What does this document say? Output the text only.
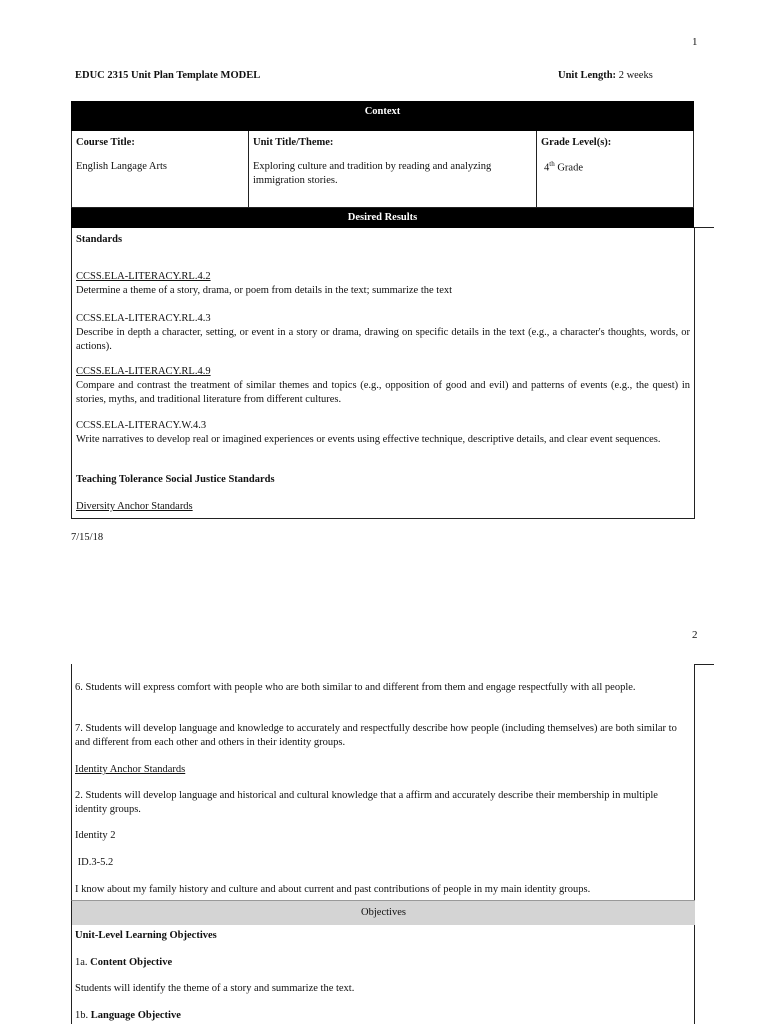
1
EDUC 2315 Unit Plan Template MODEL	Unit Length: 2 weeks
Context
Course Title:
English Langage Arts
Unit Title/Theme:
Exploring culture and tradition by reading and analyzing immigration stories.
Grade Level(s):
4th Grade
Desired Results
Standards
CCSS.ELA-LITERACY.RL.4.2
Determine a theme of a story, drama, or poem from details in the text; summarize the text
CCSS.ELA-LITERACY.RL.4.3
Describe in depth a character, setting, or event in a story or drama, drawing on specific details in the text (e.g., a character's thoughts, words, or actions).
CCSS.ELA-LITERACY.RL.4.9
Compare and contrast the treatment of similar themes and topics (e.g., opposition of good and evil) and patterns of events (e.g., the quest) in stories, myths, and traditional literature from different cultures.
CCSS.ELA-LITERACY.W.4.3
Write narratives to develop real or imagined experiences or events using effective technique, descriptive details, and clear event sequences.
Teaching Tolerance Social Justice Standards
Diversity Anchor Standards
7/15/18
2
6. Students will express comfort with people who are both similar to and different from them and engage respectfully with all people.
7. Students will develop language and knowledge to accurately and respectfully describe how people (including themselves) are both similar to and different from each other and others in their identity groups.
Identity Anchor Standards
2. Students will develop language and historical and cultural knowledge that a affirm and accurately describe their membership in multiple identity groups.
Identity 2
ID.3-5.2
I know about my family history and culture and about current and past contributions of people in my main identity groups.
Objectives
Unit-Level Learning Objectives
1a. Content Objective
Students will identify the theme of a story and summarize the text.
1b. Language Objective
